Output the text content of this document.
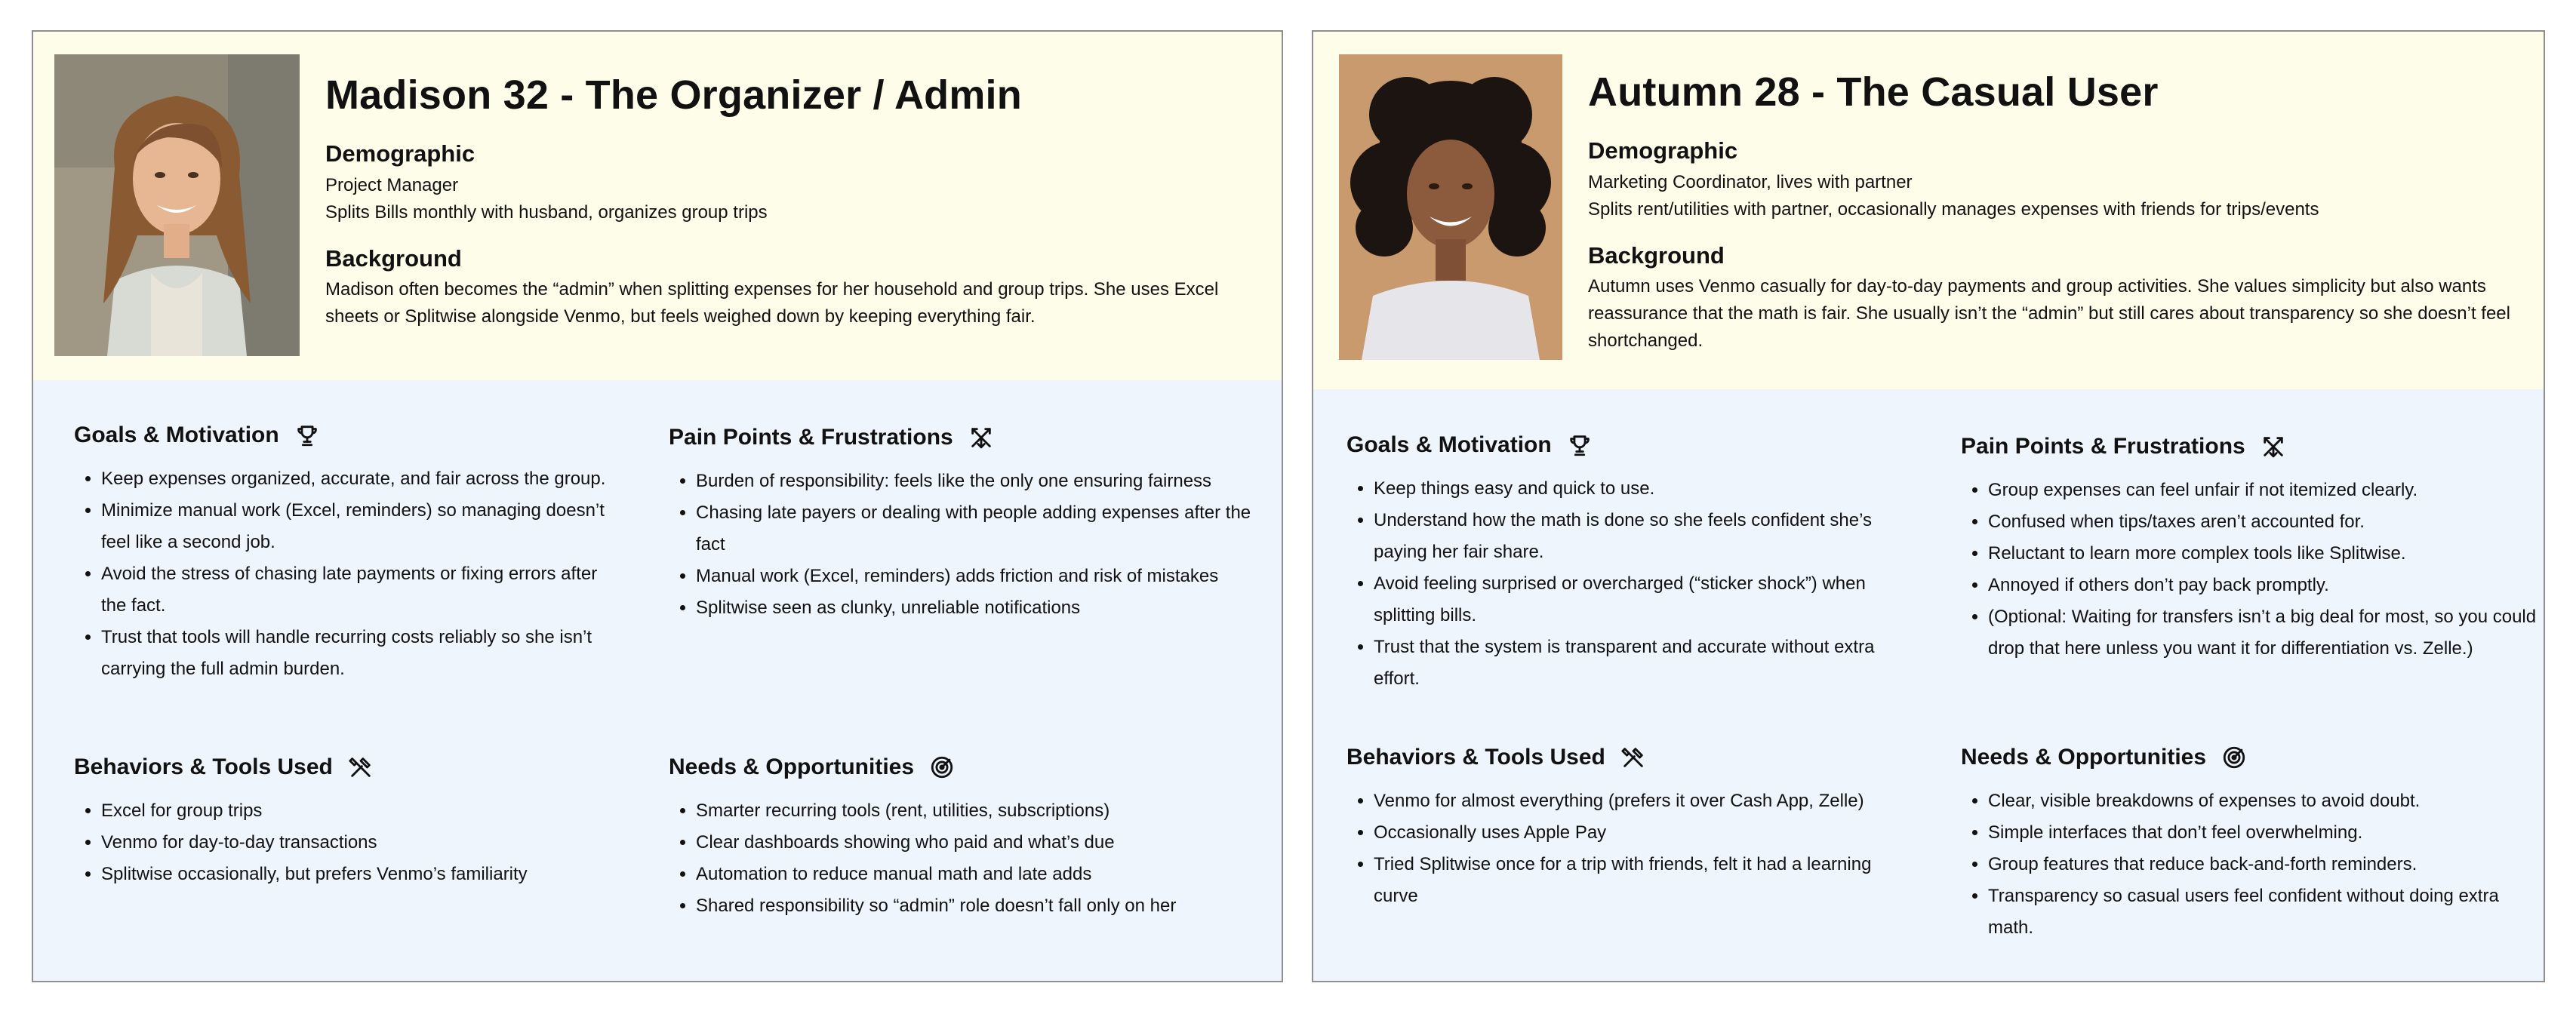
Madison 32 - The Organizer / Admin
Demographic

Project Manager

Splits Bills monthly with husband, organizes group trips

Background

Madison often becomes the “admin” when splitting expenses for her household and group trips. She uses Excel sheets or Splitwise alongside Venmo, but feels weighed down by keeping everything fair.

Goals & Motivation
• Keep expenses organized, accurate, and fair across the group.
• Minimize manual work (Excel, reminders) so managing doesn’t feel like a second job.
• Avoid the stress of chasing late payments or fixing errors after the fact.
• Trust that tools will handle recurring costs reliably so she isn’t carrying the full admin burden.
Pain Points & Frustrations
• Burden of responsibility: feels like the only one ensuring fairness
• Chasing late payers or dealing with people adding expenses after the fact
• Manual work (Excel, reminders) adds friction and risk of mistakes
• Splitwise seen as clunky, unreliable notifications
Behaviors & Tools Used
• Excel for group trips
• Venmo for day-to-day transactions
• Splitwise occasionally, but prefers Venmo’s familiarity
Needs & Opportunities
• Smarter recurring tools (rent, utilities, subscriptions)
• Clear dashboards showing who paid and what’s due
• Automation to reduce manual math and late adds
• Shared responsibility so “admin” role doesn’t fall only on her
Autumn 28 - The Casual User
Demographic

Marketing Coordinator, lives with partner

Splits rent/utilities with partner, occasionally manages expenses with friends for trips/events

Background

Autumn uses Venmo casually for day-to-day payments and group activities. She values simplicity but also wants reassurance that the math is fair. She usually isn’t the “admin” but still cares about transparency so she doesn’t feel shortchanged.

Goals & Motivation
• Keep things easy and quick to use.
• Understand how the math is done so she feels confident she’s paying her fair share.
• Avoid feeling surprised or overcharged (“sticker shock”) when splitting bills.
• Trust that the system is transparent and accurate without extra effort.
Pain Points & Frustrations
• Group expenses can feel unfair if not itemized clearly.
• Confused when tips/taxes aren’t accounted for.
• Reluctant to learn more complex tools like Splitwise.
• Annoyed if others don’t pay back promptly.
• (Optional: Waiting for transfers isn’t a big deal for most, so you could drop that here unless you want it for differentiation vs. Zelle.)
Behaviors & Tools Used
• Venmo for almost everything (prefers it over Cash App, Zelle)
• Occasionally uses Apple Pay
• Tried Splitwise once for a trip with friends, felt it had a learning curve
Needs & Opportunities
• Clear, visible breakdowns of expenses to avoid doubt.
• Simple interfaces that don’t feel overwhelming.
• Group features that reduce back-and-forth reminders.
• Transparency so casual users feel confident without doing extra math.
